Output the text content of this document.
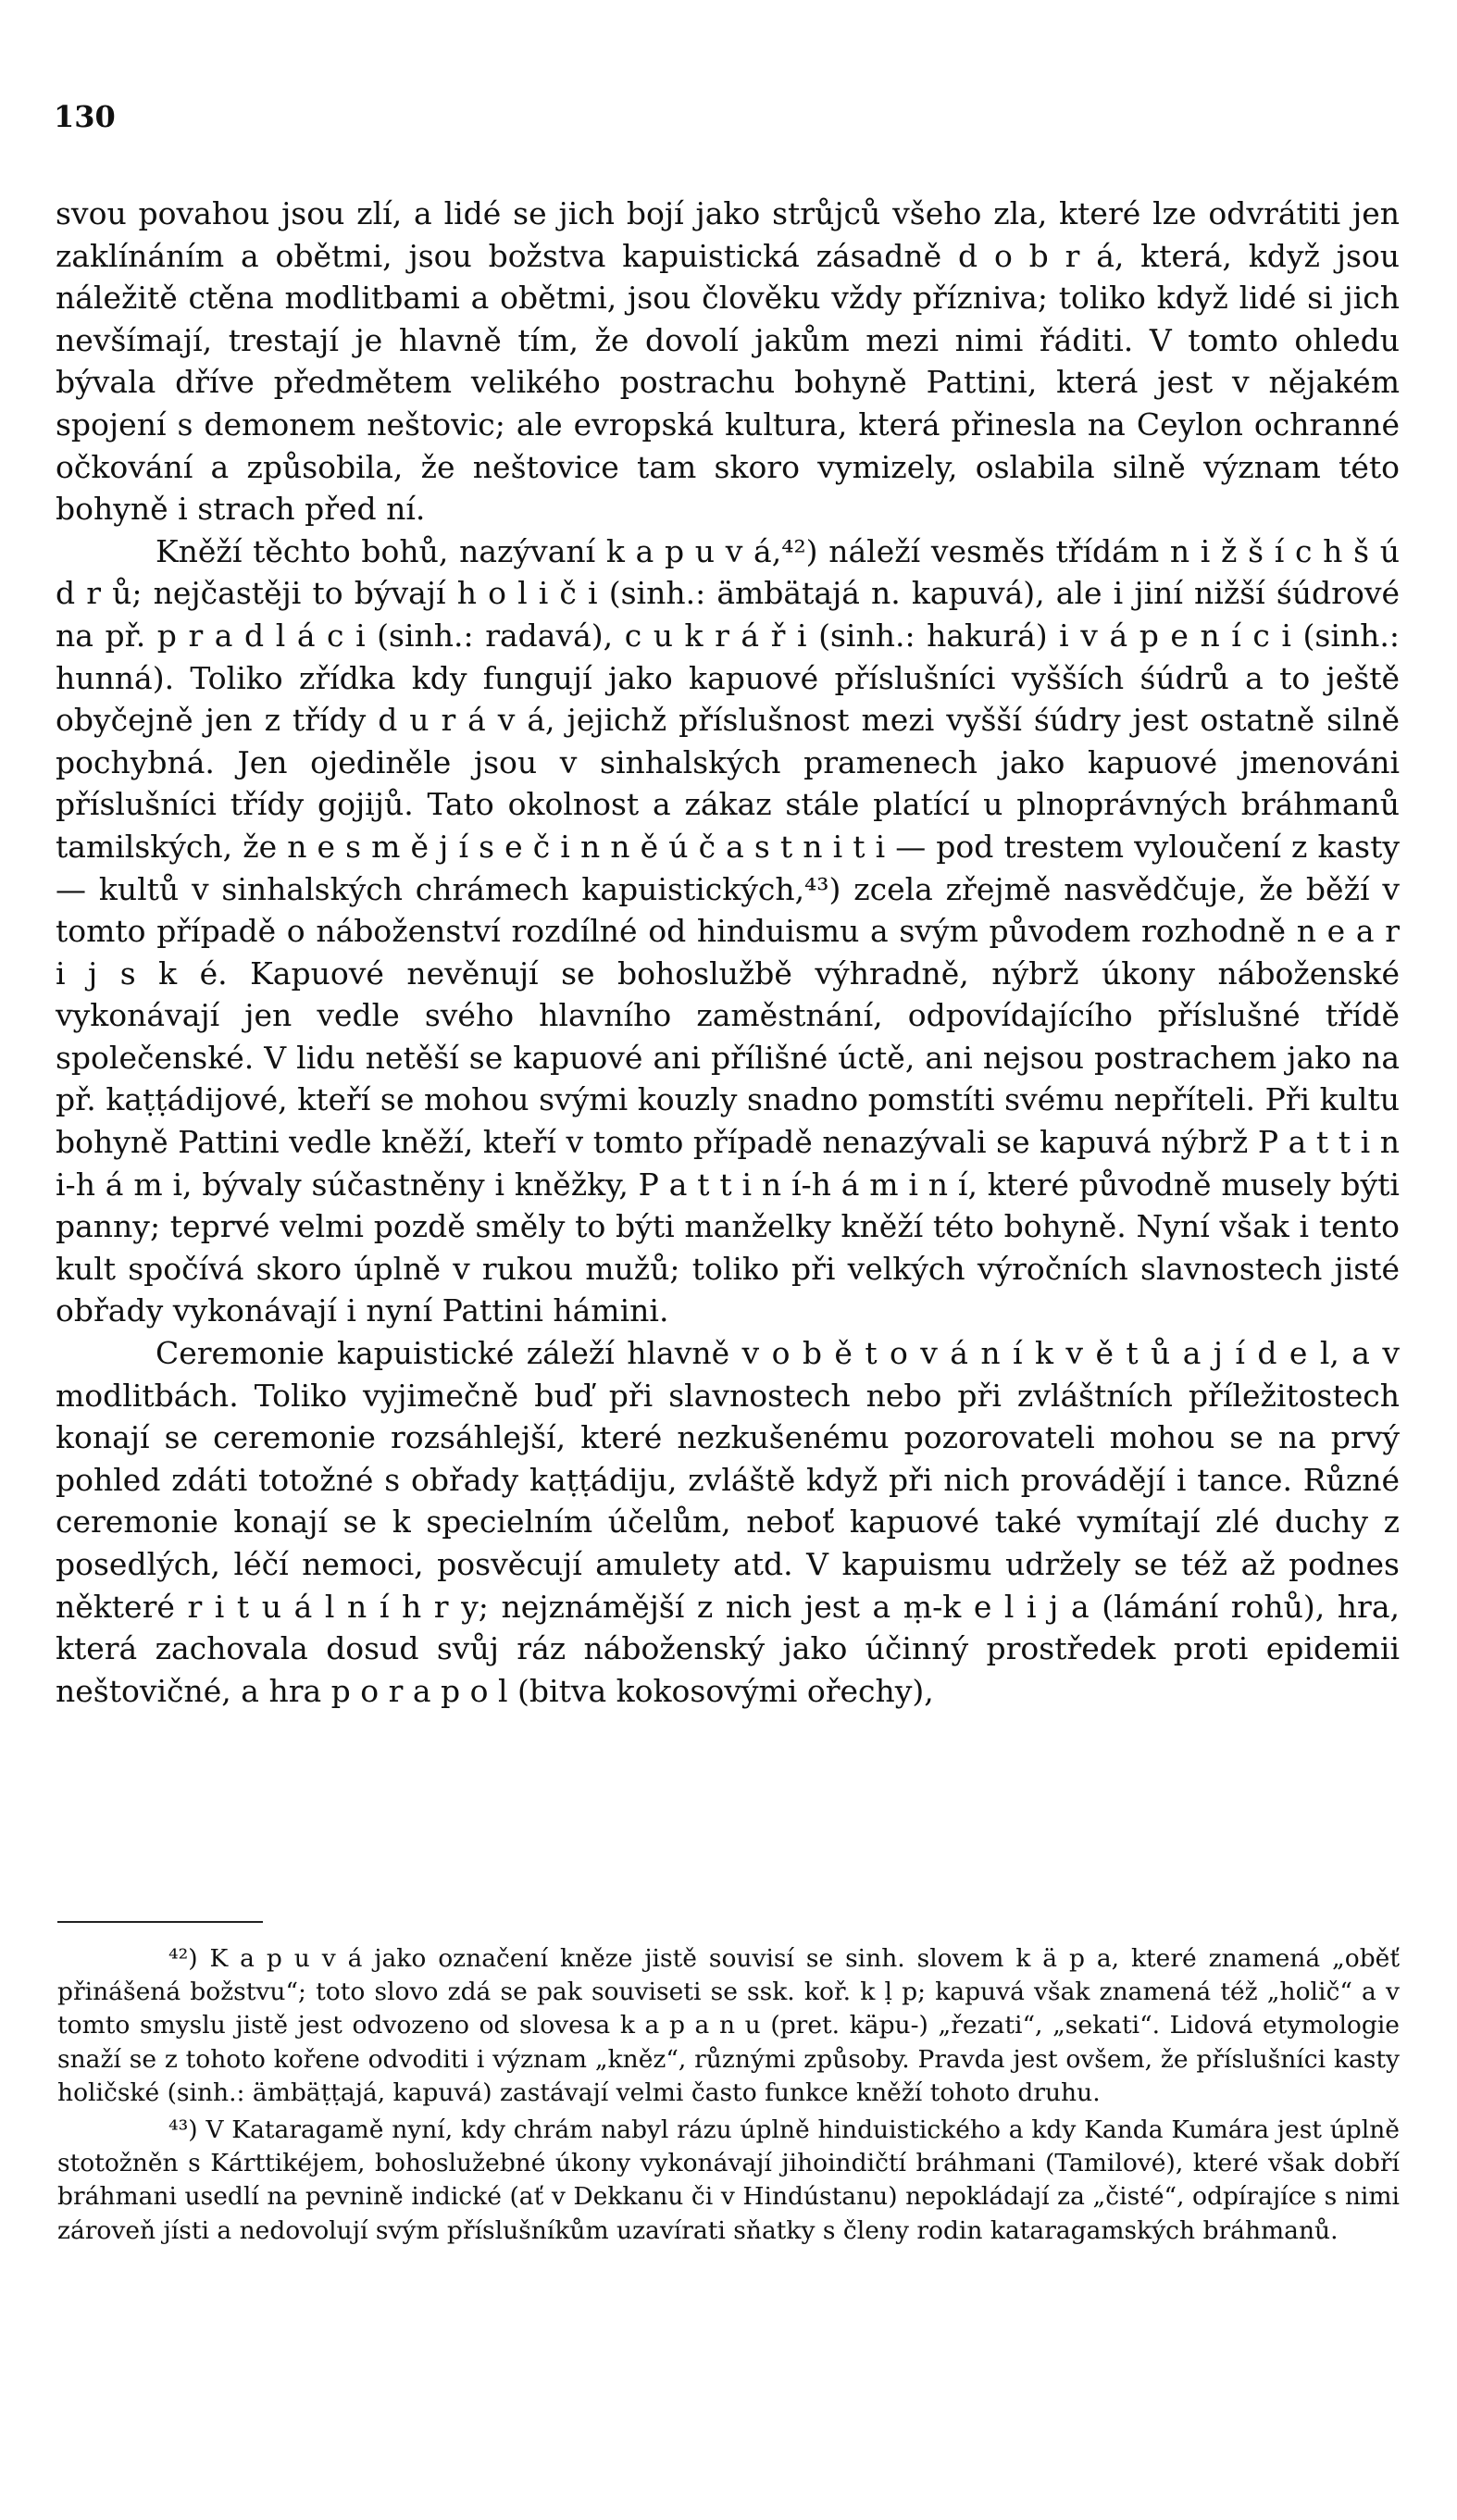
130

svou povahou jsou zlí, a lidé se jich bojí jako strůjců všeho zla, které lze odvrátiti jen zaklínáním a obětmi, jsou božstva kapuistická zásadně d o b r á, která, když jsou náležitě ctěna modlitbami a obětmi, jsou člověku vždy přízniva; toliko když lidé si jich nevšímají, trestají je hlavně tím, že dovolí jakům mezi nimi řáditi. V tomto ohledu bývala dříve předmětem velikého postrachu bohyně Pattini, která jest v nějakém spojení s demonem neštovic; ale evropská kultura, která přinesla na Ceylon ochranné očkování a způsobila, že neštovice tam skoro vymizely, oslabila silně význam této bohyně i strach před ní.

Kněží těchto bohů, nazývaní k a p u v á,⁴²) náleží vesměs třídám n i ž š í c h š ú d r ů; nejčastěji to bývají h o l i č i (sinh.: ämbätajá n. kapuvá), ale i jiní nižší śúdrové na př. p r a d l á c i (sinh.: radavá), c u k r á ř i (sinh.: hakurá) i v á p e n í c i (sinh.: hunná). Toliko zřídka kdy fungují jako kapuové příslušníci vyšších śúdrů a to ještě obyčejně jen z třídy d u r á v á, jejichž příslušnost mezi vyšší śúdry jest ostatně silně pochybná. Jen ojediněle jsou v sinhalských pramenech jako kapuové jmenováni příslušníci třídy gojijů. Tato okolnost a zákaz stále platící u plnoprávných bráhmanů tamilských, že n e s m ě j í s e č i n n ě ú č a s t n i t i — pod trestem vyloučení z kasty — kultů v sinhalských chrámech kapuistických,⁴³) zcela zřejmě nasvědčuje, že běží v tomto případě o náboženství rozdílné od hinduismu a svým původem rozhodně n e a r i j s k é. Kapuové nevěnují se bohoslužbě výhradně, nýbrž úkony náboženské vykonávají jen vedle svého hlavního zaměstnání, odpovídajícího příslušné třídě společenské. V lidu netěší se kapuové ani přílišné úctě, ani nejsou postrachem jako na př. kaṭṭádijové, kteří se mohou svými kouzly snadno pomstíti svému nepříteli. Při kultu bohyně Pattini vedle kněží, kteří v tomto případě nenazývali se kapuvá nýbrž P a t t i n i-h á m i, bývaly súčastněny i kněžky, P a t t i n í-h á m i n í, které původně musely býti panny; teprvé velmi pozdě směly to býti manželky kněží této bohyně. Nyní však i tento kult spočívá skoro úplně v rukou mužů; toliko při velkých výročních slavnostech jisté obřady vykonávají i nyní Pattini hámini.

Ceremonie kapuistické záleží hlavně v o b ě t o v á n í k v ě t ů a j í d e l, a v modlitbách. Toliko vyjimečně buď při slavnostech nebo při zvláštních příležitostech konají se ceremonie rozsáhlejší, které nezkušenému pozorovateli mohou se na prvý pohled zdáti totožné s obřady kaṭṭádiju, zvláště když při nich provádějí i tance. Různé ceremonie konají se k specielním účelům, neboť kapuové také vymítají zlé duchy z posedlých, léčí nemoci, posvěcují amulety atd. V kapuismu udržely se též až podnes některé r i t u á l n í h r y; nejznámější z nich jest a ṃ-k e l i j a (lámání rohů), hra, která zachovala dosud svůj ráz náboženský jako účinný prostředek proti epidemii neštovičné, a hra p o r a p o l (bitva kokosovými ořechy),

⁴²) K a p u v á jako označení kněze jistě souvisí se sinh. slovem k ä p a, které znamená „oběť přinášená božstvu“; toto slovo zdá se pak souviseti se ssk. koř. k ḷ p; kapuvá však znamená též „holič“ a v tomto smyslu jistě jest odvozeno od slovesa k a p a n u (pret. käpu-) „řezati“, „sekati“. Lidová etymologie snaží se z tohoto kořene odvoditi i význam „kněz“, různými způsoby. Pravda jest ovšem, že příslušníci kasty holičské (sinh.: ämbäṭṭajá, kapuvá) zastávají velmi často funkce kněží tohoto druhu.

⁴³) V Kataragamě nyní, kdy chrám nabyl rázu úplně hinduistického a kdy Kanda Kumára jest úplně stotožněn s Kárttikéjem, bohoslužebné úkony vykonávají jihoindičtí bráhmani (Tamilové), které však dobří bráhmani usedlí na pevnině indické (ať v Dekkanu či v Hindústanu) nepokládají za „čisté“, odpírajíce s nimi zároveň jísti a nedovolují svým příslušníkům uzavírati sňatky s členy rodin kataragamských bráhmanů.
